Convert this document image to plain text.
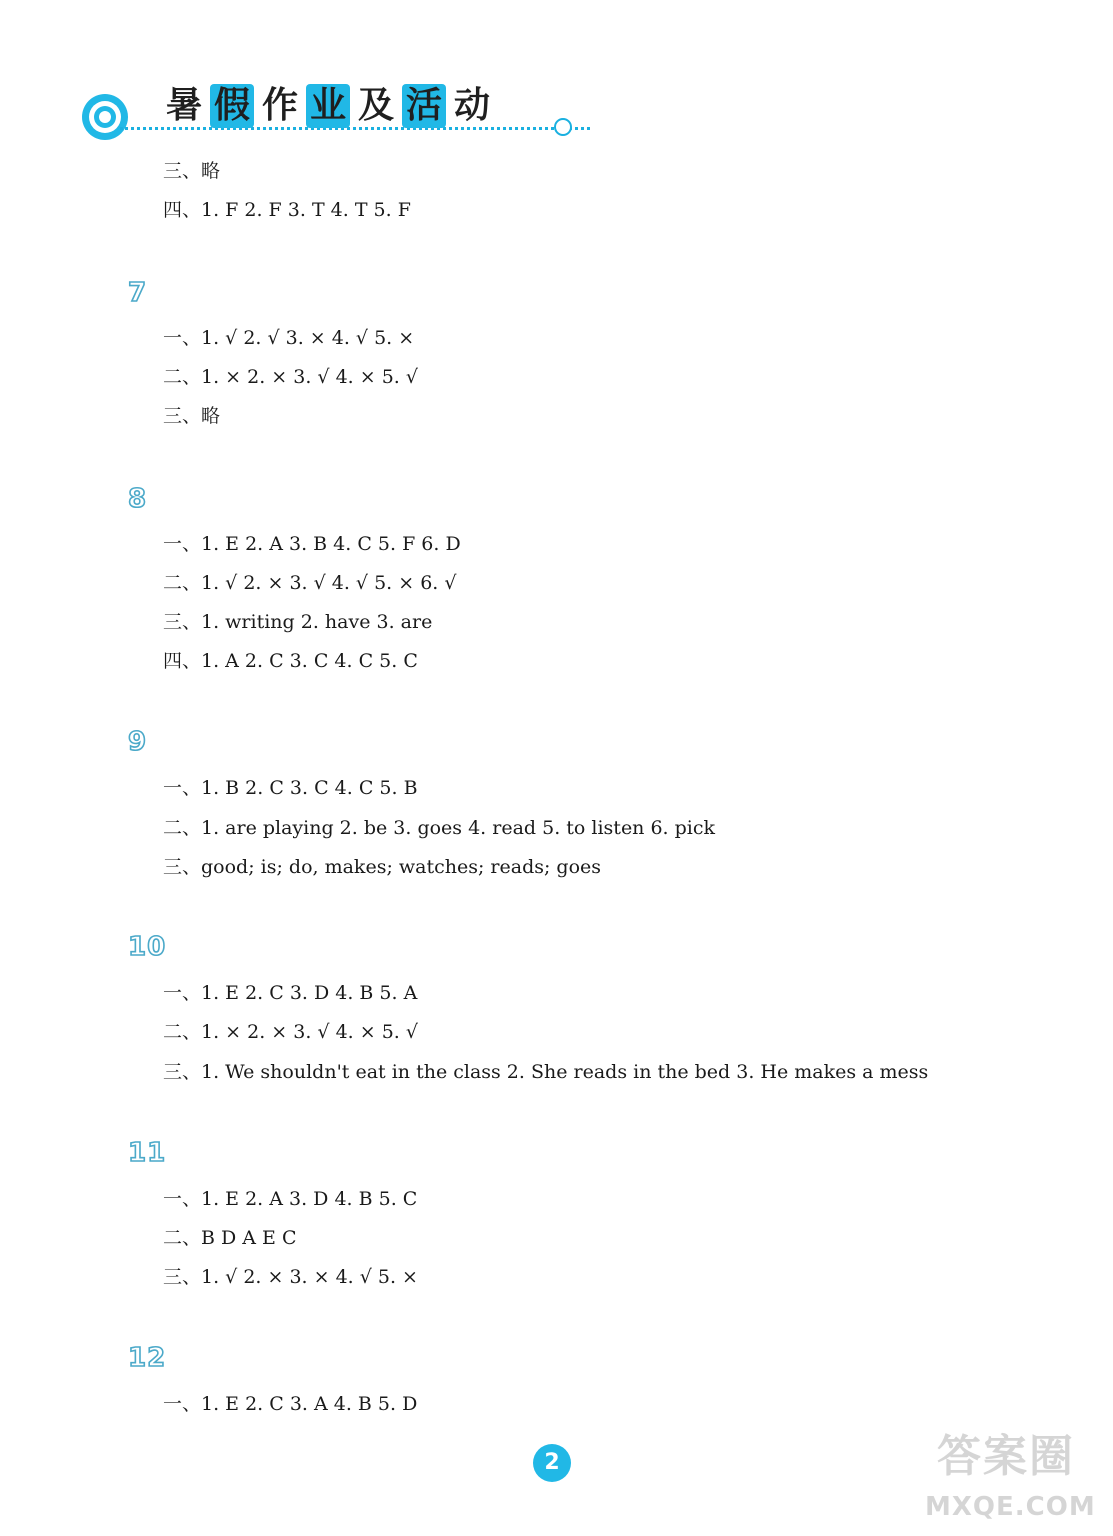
暑 假 作 业 及 活 动
三、略
四、1. F 2. F 3. T 4. T 5. F
7
一、1. √ 2. √ 3. × 4. √ 5. ×
二、1. × 2. × 3. √ 4. × 5. √
三、略
8
一、1. E 2. A 3. B 4. C 5. F 6. D
二、1. √ 2. × 3. √ 4. √ 5. × 6. √
三、1. writing 2. have 3. are
四、1. A 2. C 3. C 4. C 5. C
9
一、1. B 2. C 3. C 4. C 5. B
二、1. are playing 2. be 3. goes 4. read 5. to listen 6. pick
三、good; is; do, makes; watches; reads; goes
10
一、1. E 2. C 3. D 4. B 5. A
二、1. × 2. × 3. √ 4. × 5. √
三、1. We shouldn't eat in the class 2. She reads in the bed 3. He makes a mess
11
一、1. E 2. A 3. D 4. B 5. C
二、B D A E C
三、1. √ 2. × 3. × 4. √ 5. ×
12
一、1. E 2. C 3. A 4. B 5. D
2	答案圈
MXQE.COM
